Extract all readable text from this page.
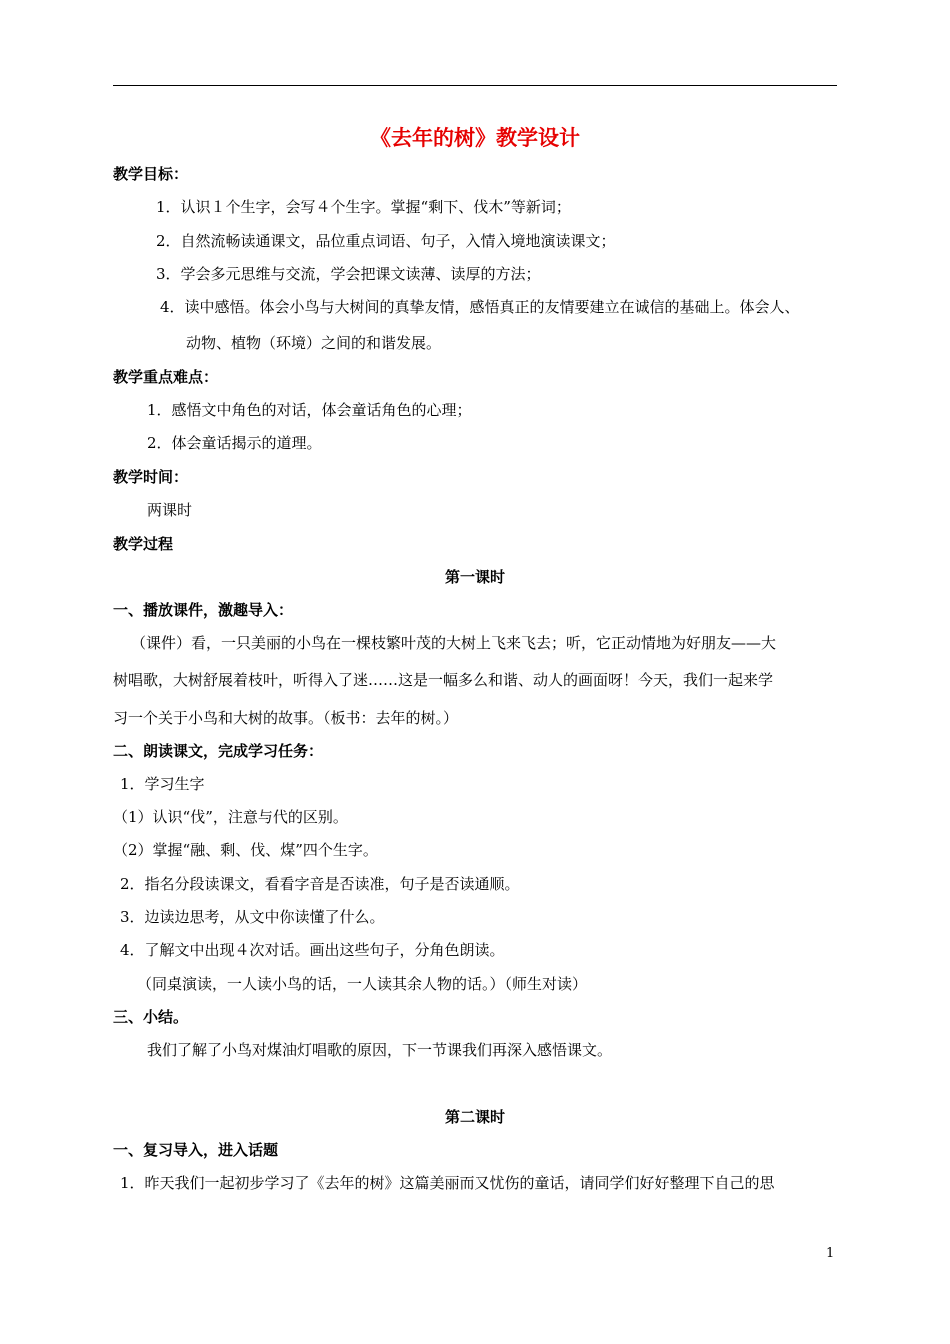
《去年的树》教学设计
教学目标：
1．认识１个生字，会写４个生字。掌握“剩下、伐木”等新词；
2．自然流畅读通课文，品位重点词语、句子，入情入境地演读课文；
3．学会多元思维与交流，学会把课文读薄、读厚的方法；
4．读中感悟。体会小鸟与大树间的真挚友情，感悟真正的友情要建立在诚信的基础上。体会人、
动物、植物（环境）之间的和谐发展。
教学重点难点：
1．感悟文中角色的对话，体会童话角色的心理；
2．体会童话揭示的道理。
教学时间：
两课时
教学过程
第一课时
一、播放课件，激趣导入：
（课件）看，一只美丽的小鸟在一棵枝繁叶茂的大树上飞来飞去；听，它正动情地为好朋友——大
树唱歌，大树舒展着枝叶，听得入了迷……这是一幅多么和谐、动人的画面呀！今天，我们一起来学
习一个关于小鸟和大树的故事。（板书：去年的树。）
二、朗读课文，完成学习任务：
1．学习生字
（1）认识“伐”，注意与代的区别。
（2）掌握“融、剩、伐、煤”四个生字。
2．指名分段读课文，看看字音是否读准，句子是否读通顺。
3．边读边思考，从文中你读懂了什么。
4．了解文中出现４次对话。画出这些句子，分角色朗读。
（同桌演读，一人读小鸟的话，一人读其余人物的话。）（师生对读）
三、小结。
我们了解了小鸟对煤油灯唱歌的原因，下一节课我们再深入感悟课文。
第二课时
一、复习导入，进入话题
1．昨天我们一起初步学习了《去年的树》这篇美丽而又忧伤的童话，请同学们好好整理下自己的思
1
